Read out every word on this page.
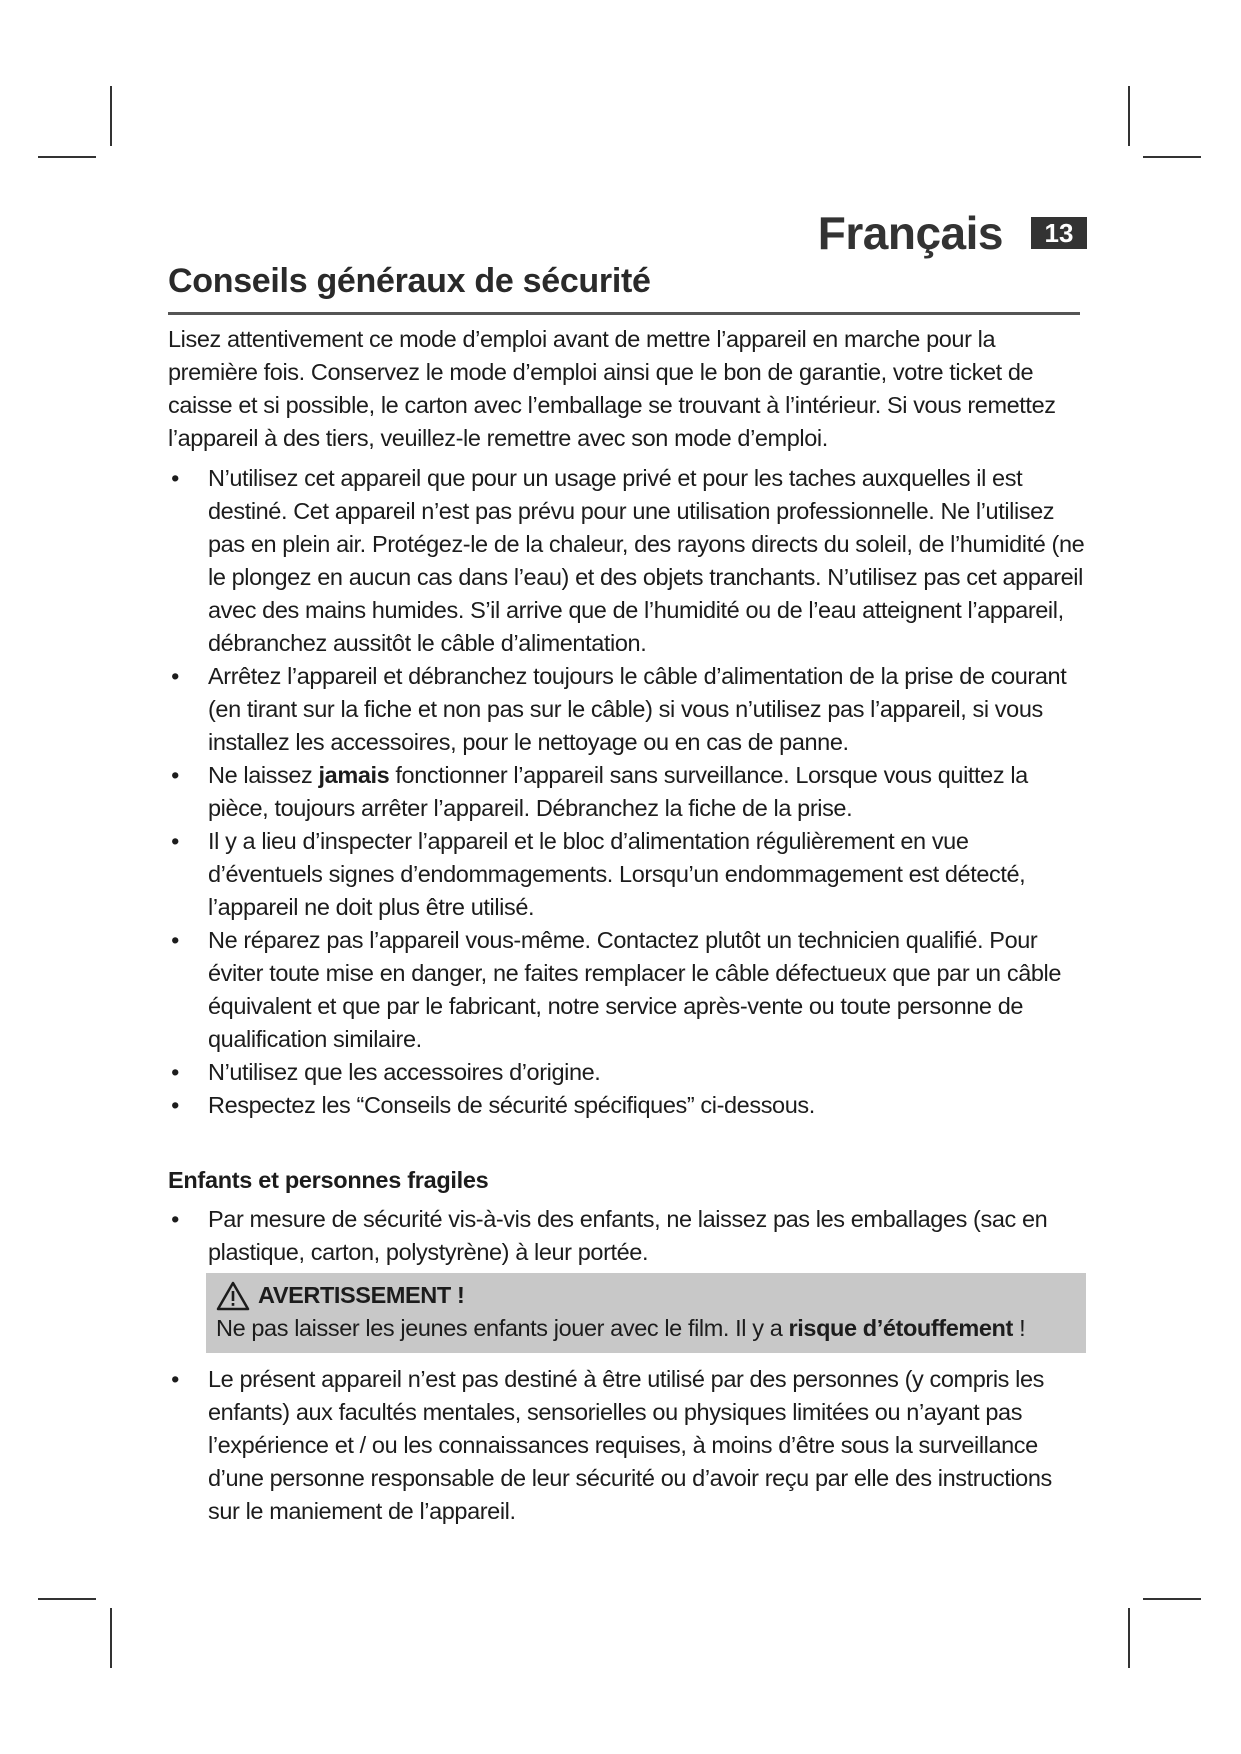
Français	13
Conseils généraux de sécurité

Lisez attentivement ce mode d’emploi avant de mettre l’appareil en marche pour la première fois. Conservez le mode d’emploi ainsi que le bon de garantie, votre ticket de caisse et si possible, le carton avec l’emballage se trouvant à l’intérieur. Si vous remettez l’appareil à des tiers, veuillez-le remettre avec son mode d’emploi.

• N’utilisez cet appareil que pour un usage privé et pour les taches auxquelles il est destiné. Cet appareil n’est pas prévu pour une utilisation professionnelle. Ne l’utilisez pas en plein air. Protégez-le de la chaleur, des rayons directs du soleil, de l’humidité (ne le plongez en aucun cas dans l’eau) et des objets tranchants. N’utilisez pas cet appareil avec des mains humides. S’il arrive que de l’humidité ou de l’eau atteignent l’appareil, débranchez aussitôt le câble d’alimentation.
• Arrêtez l’appareil et débranchez toujours le câble d’alimentation de la prise de courant (en tirant sur la fiche et non pas sur le câble) si vous n’utilisez pas l’appareil, si vous installez les accessoires, pour le nettoyage ou en cas de panne.
• Ne laissez jamais fonctionner l’appareil sans surveillance. Lorsque vous quittez la pièce, toujours arrêter l’appareil. Débranchez la fiche de la prise.
• Il y a lieu d’inspecter l’appareil et le bloc d’alimentation régulièrement en vue d’éventuels signes d’endommagements. Lorsqu’un endommagement est détecté, l’appareil ne doit plus être utilisé.
• Ne réparez pas l’appareil vous-même. Contactez plutôt un technicien qualifié. Pour éviter toute mise en danger, ne faites remplacer le câble défectueux que par un câble équivalent et que par le fabricant, notre service après-vente ou toute personne de qualification similaire.
• N’utilisez que les accessoires d’origine.
• Respectez les “Conseils de sécurité spécifiques” ci-dessous.
Enfants et personnes fragiles
• Par mesure de sécurité vis-à-vis des enfants, ne laissez pas les emballages (sac en plastique, carton, polystyrène) à leur portée.
AVERTISSEMENT !
Ne pas laisser les jeunes enfants jouer avec le film. Il y a risque d’étouffement !
• Le présent appareil n’est pas destiné à être utilisé par des personnes (y compris les enfants) aux facultés mentales, sensorielles ou physiques limitées ou n’ayant pas l’expérience et / ou les connaissances requises, à moins d’être sous la surveillance d’une personne responsable de leur sécurité ou d’avoir reçu par elle des instructions sur le maniement de l’appareil.
